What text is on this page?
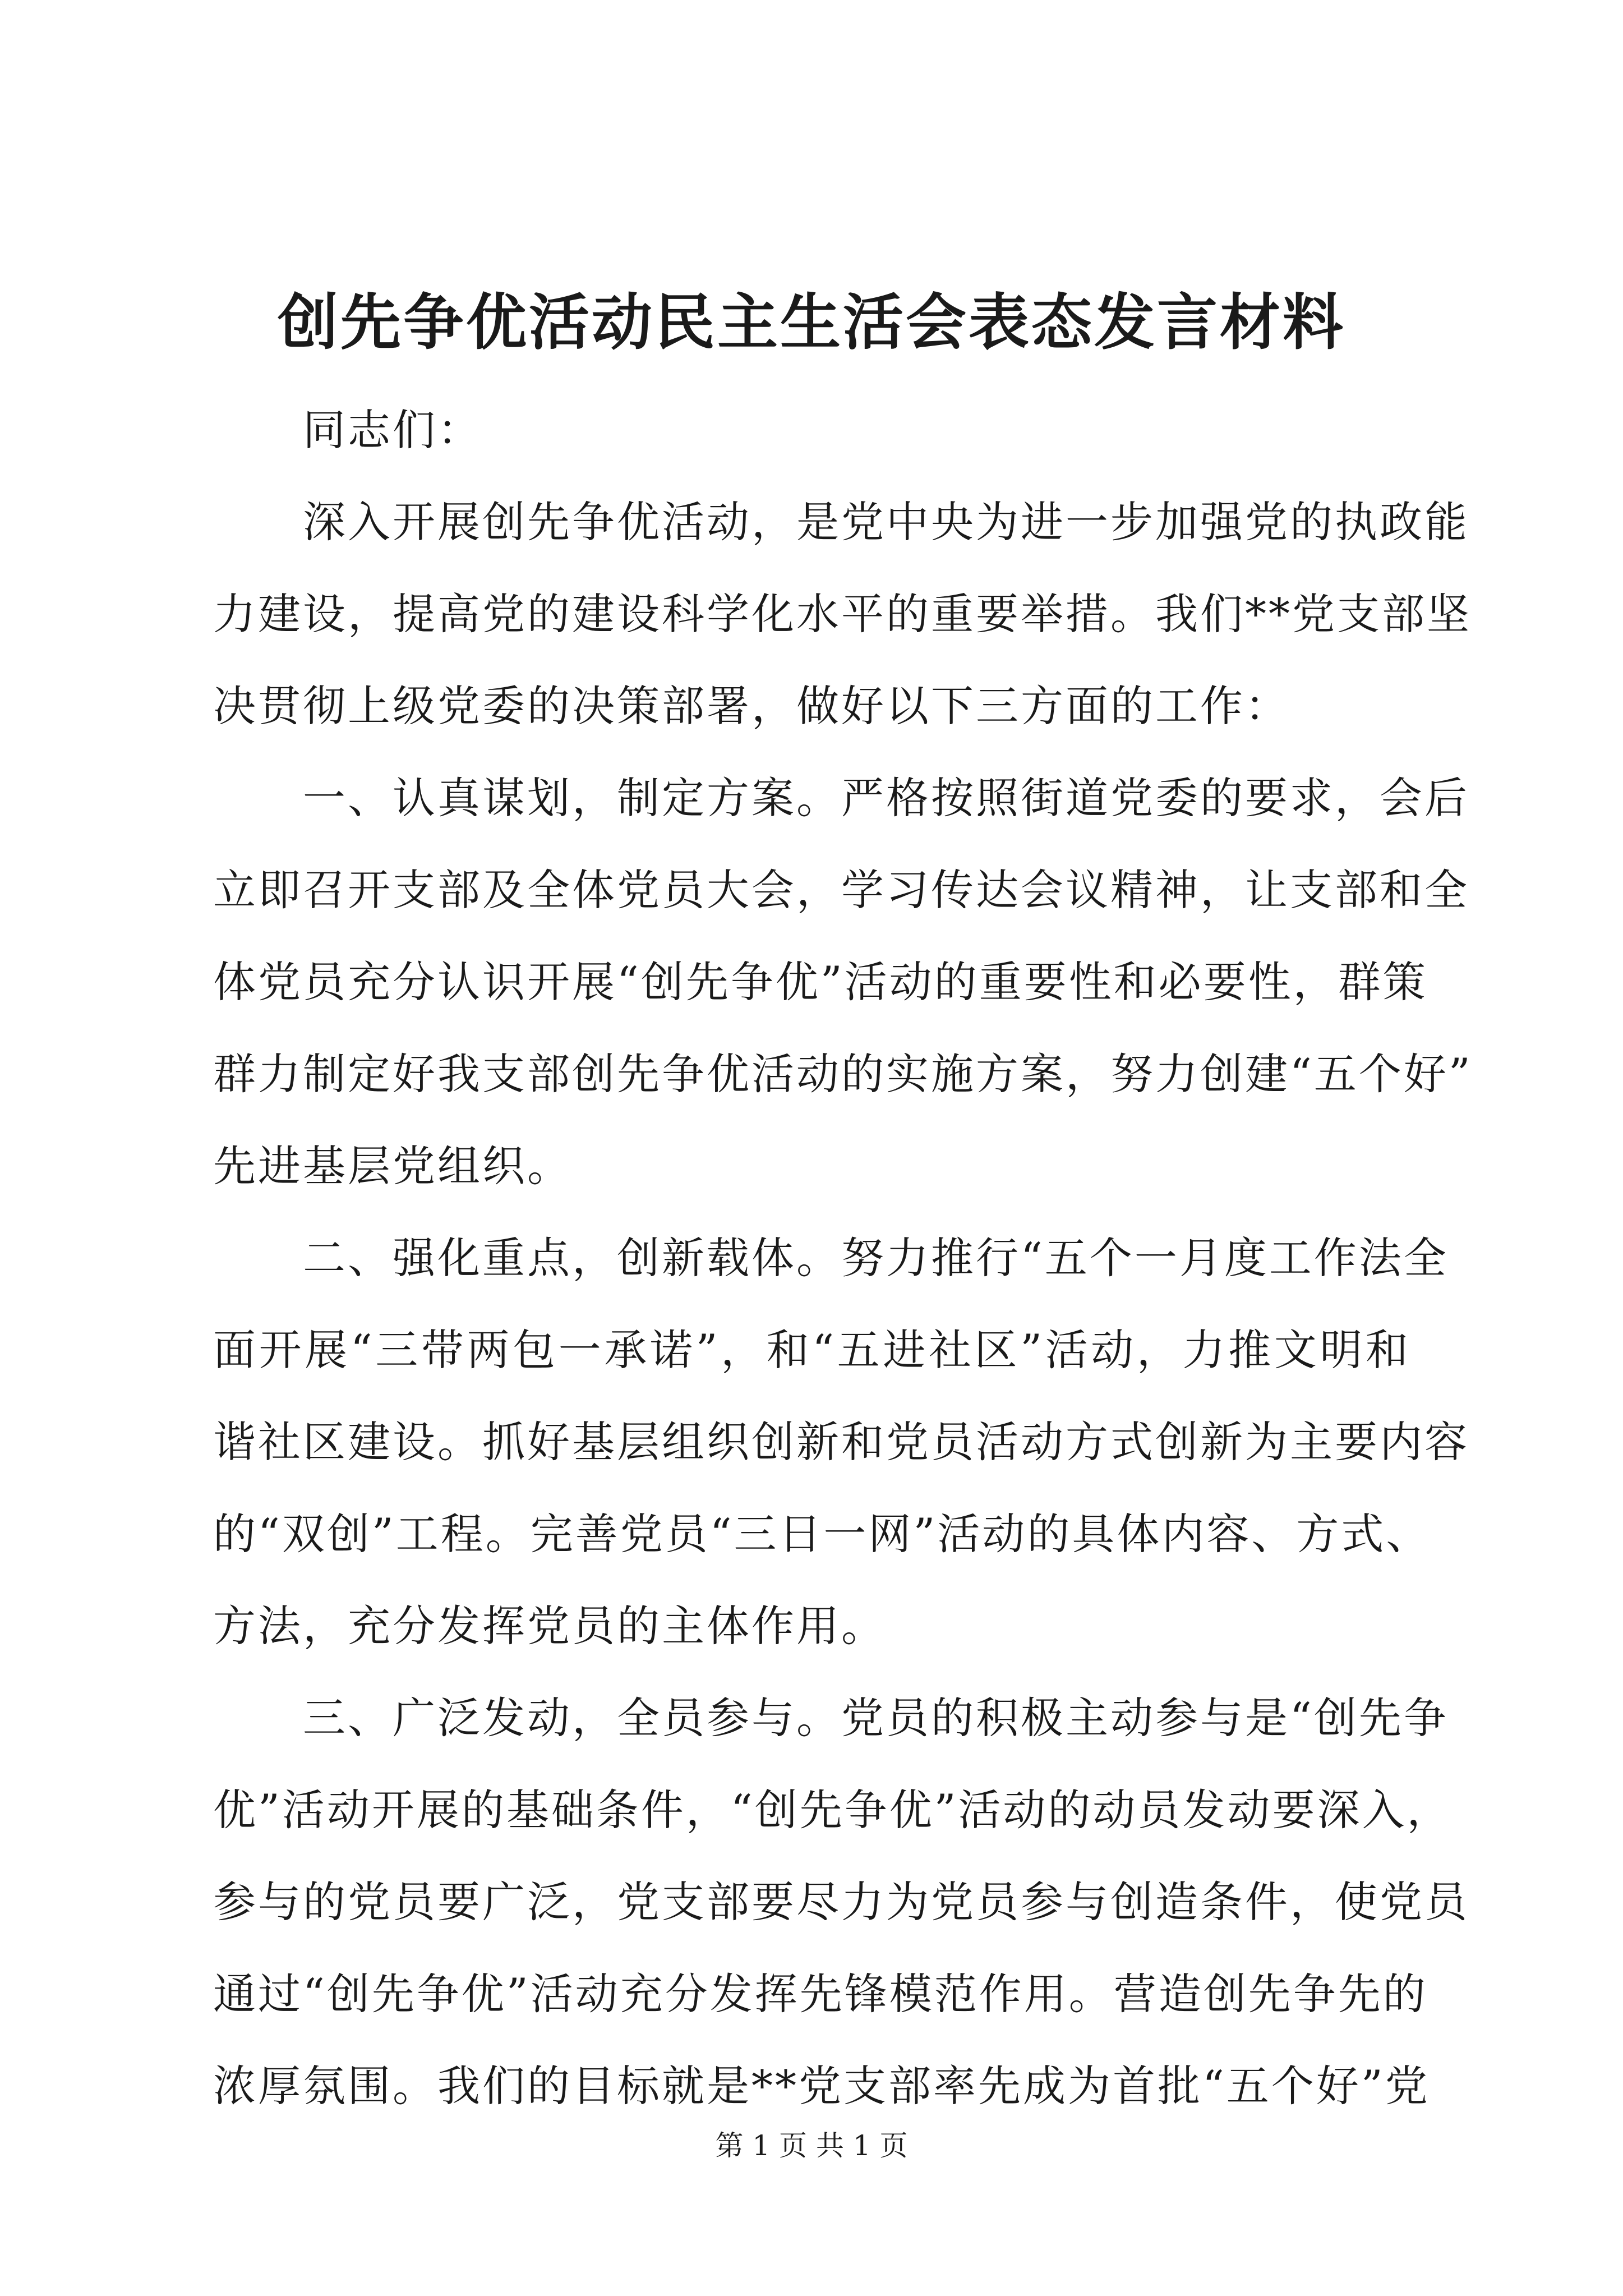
创先争优活动民主生活会表态发言材料
同志们：
深入开展创先争优活动，是党中央为进一步加强党的执政能
力建设，提高党的建设科学化水平的重要举措。我们**党支部坚
决贯彻上级党委的决策部署，做好以下三方面的工作：
一、认真谋划，制定方案。严格按照街道党委的要求，会后
立即召开支部及全体党员大会，学习传达会议精神，让支部和全
体党员充分认识开展“创先争优”活动的重要性和必要性，群策
群力制定好我支部创先争优活动的实施方案，努力创建“五个好”
先进基层党组织。
二、强化重点，创新载体。努力推行“五个一月度工作法全
面开展“三带两包一承诺”，和“五进社区”活动，力推文明和
谐社区建设。抓好基层组织创新和党员活动方式创新为主要内容
的“双创”工程。完善党员“三日一网”活动的具体内容、方式、
方法，充分发挥党员的主体作用。
三、广泛发动，全员参与。党员的积极主动参与是“创先争
优”活动开展的基础条件，“创先争优”活动的动员发动要深入，
参与的党员要广泛，党支部要尽力为党员参与创造条件，使党员
通过“创先争优”活动充分发挥先锋模范作用。营造创先争先的
浓厚氛围。我们的目标就是**党支部率先成为首批“五个好”党
第 1 页 共 1 页
